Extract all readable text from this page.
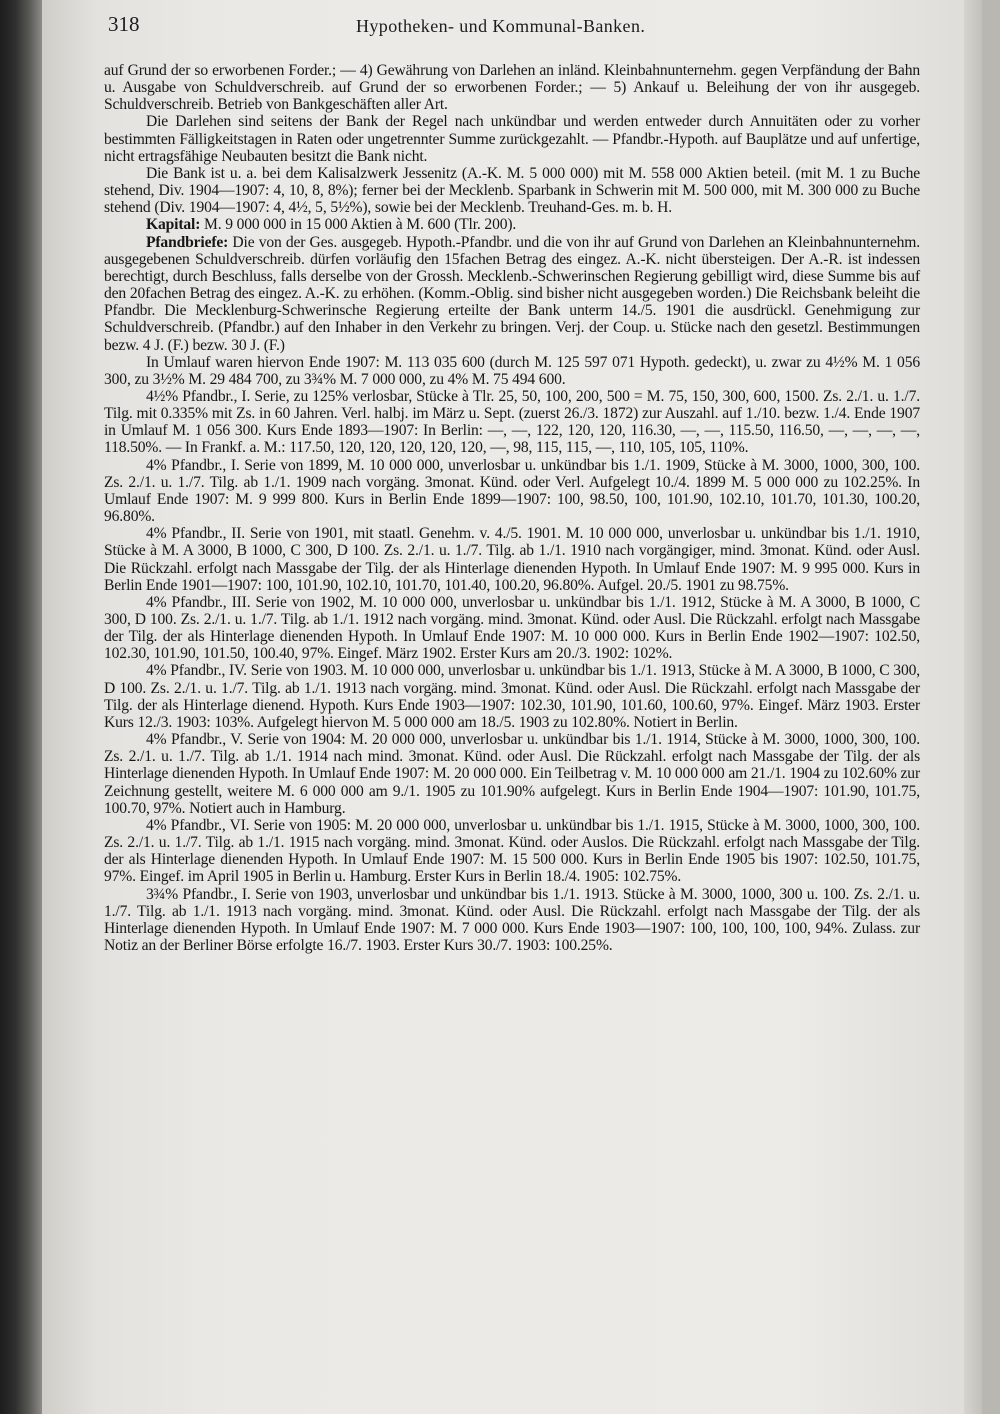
318	Hypotheken- und Kommunal-Banken.

auf Grund der so erworbenen Forder.; — 4) Gewährung von Darlehen an inländ. Kleinbahnunternehm. gegen Verpfändung der Bahn u. Ausgabe von Schuldverschreib. auf Grund der so erworbenen Forder.; — 5) Ankauf u. Beleihung der von ihr ausgegeb. Schuldverschreib. Betrieb von Bankgeschäften aller Art.

Die Darlehen sind seitens der Bank der Regel nach unkündbar und werden entweder durch Annuitäten oder zu vorher bestimmten Fälligkeitstagen in Raten oder ungetrennter Summe zurückgezahlt. — Pfandbr.-Hypoth. auf Bauplätze und auf unfertige, nicht ertragsfähige Neubauten besitzt die Bank nicht.

Die Bank ist u. a. bei dem Kalisalzwerk Jessenitz (A.-K. M. 5 000 000) mit M. 558 000 Aktien beteil. (mit M. 1 zu Buche stehend, Div. 1904—1907: 4, 10, 8, 8%); ferner bei der Mecklenb. Sparbank in Schwerin mit M. 500 000, mit M. 300 000 zu Buche stehend (Div. 1904—1907: 4, 4½, 5, 5½%), sowie bei der Mecklenb. Treuhand-Ges. m. b. H.

Kapital: M. 9 000 000 in 15 000 Aktien à M. 600 (Tlr. 200).

Pfandbriefe: Die von der Ges. ausgegeb. Hypoth.-Pfandbr. und die von ihr auf Grund von Darlehen an Kleinbahnunternehm. ausgegebenen Schuldverschreib. dürfen vorläufig den 15fachen Betrag des eingez. A.-K. nicht übersteigen. Der A.-R. ist indessen berechtigt, durch Beschluss, falls derselbe von der Grossh. Mecklenb.-Schwerinschen Regierung gebilligt wird, diese Summe bis auf den 20fachen Betrag des eingez. A.-K. zu erhöhen. (Komm.-Oblig. sind bisher nicht ausgegeben worden.) Die Reichsbank beleiht die Pfandbr. Die Mecklenburg-Schwerinsche Regierung erteilte der Bank unterm 14./5. 1901 die ausdrückl. Genehmigung zur Schuldverschreib. (Pfandbr.) auf den Inhaber in den Verkehr zu bringen. Verj. der Coup. u. Stücke nach den gesetzl. Bestimmungen bezw. 4 J. (F.) bezw. 30 J. (F.)

In Umlauf waren hiervon Ende 1907: M. 113 035 600 (durch M. 125 597 071 Hypoth. gedeckt), u. zwar zu 4½% M. 1 056 300, zu 3½% M. 29 484 700, zu 3¾% M. 7 000 000, zu 4% M. 75 494 600.

4½% Pfandbr., I. Serie, zu 125% verlosbar, Stücke à Tlr. 25, 50, 100, 200, 500 = M. 75, 150, 300, 600, 1500. Zs. 2./1. u. 1./7. Tilg. mit 0.335% mit Zs. in 60 Jahren. Verl. halbj. im März u. Sept. (zuerst 26./3. 1872) zur Auszahl. auf 1./10. bezw. 1./4. Ende 1907 in Umlauf M. 1 056 300. Kurs Ende 1893—1907: In Berlin: —, —, 122, 120, 120, 116.30, —, —, 115.50, 116.50, —, —, —, —, 118.50%. — In Frankf. a. M.: 117.50, 120, 120, 120, 120, 120, —, 98, 115, 115, —, 110, 105, 105, 110%.

4% Pfandbr., I. Serie von 1899, M. 10 000 000, unverlosbar u. unkündbar bis 1./1. 1909, Stücke à M. 3000, 1000, 300, 100. Zs. 2./1. u. 1./7. Tilg. ab 1./1. 1909 nach vorgäng. 3monat. Künd. oder Verl. Aufgelegt 10./4. 1899 M. 5 000 000 zu 102.25%. In Umlauf Ende 1907: M. 9 999 800. Kurs in Berlin Ende 1899—1907: 100, 98.50, 100, 101.90, 102.10, 101.70, 101.30, 100.20, 96.80%.

4% Pfandbr., II. Serie von 1901, mit staatl. Genehm. v. 4./5. 1901. M. 10 000 000, unverlosbar u. unkündbar bis 1./1. 1910, Stücke à M. A 3000, B 1000, C 300, D 100. Zs. 2./1. u. 1./7. Tilg. ab 1./1. 1910 nach vorgängiger, mind. 3monat. Künd. oder Ausl. Die Rückzahl. erfolgt nach Massgabe der Tilg. der als Hinterlage dienenden Hypoth. In Umlauf Ende 1907: M. 9 995 000. Kurs in Berlin Ende 1901—1907: 100, 101.90, 102.10, 101.70, 101.40, 100.20, 96.80%. Aufgel. 20./5. 1901 zu 98.75%.

4% Pfandbr., III. Serie von 1902, M. 10 000 000, unverlosbar u. unkündbar bis 1./1. 1912, Stücke à M. A 3000, B 1000, C 300, D 100. Zs. 2./1. u. 1./7. Tilg. ab 1./1. 1912 nach vorgäng. mind. 3monat. Künd. oder Ausl. Die Rückzahl. erfolgt nach Massgabe der Tilg. der als Hinterlage dienenden Hypoth. In Umlauf Ende 1907: M. 10 000 000. Kurs in Berlin Ende 1902—1907: 102.50, 102.30, 101.90, 101.50, 100.40, 97%. Eingef. März 1902. Erster Kurs am 20./3. 1902: 102%.

4% Pfandbr., IV. Serie von 1903. M. 10 000 000, unverlosbar u. unkündbar bis 1./1. 1913, Stücke à M. A 3000, B 1000, C 300, D 100. Zs. 2./1. u. 1./7. Tilg. ab 1./1. 1913 nach vorgäng. mind. 3monat. Künd. oder Ausl. Die Rückzahl. erfolgt nach Massgabe der Tilg. der als Hinterlage dienend. Hypoth. Kurs Ende 1903—1907: 102.30, 101.90, 101.60, 100.60, 97%. Eingef. März 1903. Erster Kurs 12./3. 1903: 103%. Aufgelegt hiervon M. 5 000 000 am 18./5. 1903 zu 102.80%. Notiert in Berlin.

4% Pfandbr., V. Serie von 1904: M. 20 000 000, unverlosbar u. unkündbar bis 1./1. 1914, Stücke à M. 3000, 1000, 300, 100. Zs. 2./1. u. 1./7. Tilg. ab 1./1. 1914 nach mind. 3monat. Künd. oder Ausl. Die Rückzahl. erfolgt nach Massgabe der Tilg. der als Hinterlage dienenden Hypoth. In Umlauf Ende 1907: M. 20 000 000. Ein Teilbetrag v. M. 10 000 000 am 21./1. 1904 zu 102.60% zur Zeichnung gestellt, weitere M. 6 000 000 am 9./1. 1905 zu 101.90% aufgelegt. Kurs in Berlin Ende 1904—1907: 101.90, 101.75, 100.70, 97%. Notiert auch in Hamburg.

4% Pfandbr., VI. Serie von 1905: M. 20 000 000, unverlosbar u. unkündbar bis 1./1. 1915, Stücke à M. 3000, 1000, 300, 100. Zs. 2./1. u. 1./7. Tilg. ab 1./1. 1915 nach vorgäng. mind. 3monat. Künd. oder Auslos. Die Rückzahl. erfolgt nach Massgabe der Tilg. der als Hinterlage dienenden Hypoth. In Umlauf Ende 1907: M. 15 500 000. Kurs in Berlin Ende 1905 bis 1907: 102.50, 101.75, 97%. Eingef. im April 1905 in Berlin u. Hamburg. Erster Kurs in Berlin 18./4. 1905: 102.75%.

3¾% Pfandbr., I. Serie von 1903, unverlosbar und unkündbar bis 1./1. 1913. Stücke à M. 3000, 1000, 300 u. 100. Zs. 2./1. u. 1./7. Tilg. ab 1./1. 1913 nach vorgäng. mind. 3monat. Künd. oder Ausl. Die Rückzahl. erfolgt nach Massgabe der Tilg. der als Hinterlage dienenden Hypoth. In Umlauf Ende 1907: M. 7 000 000. Kurs Ende 1903—1907: 100, 100, 100, 100, 94%. Zulass. zur Notiz an der Berliner Börse erfolgte 16./7. 1903. Erster Kurs 30./7. 1903: 100.25%.
